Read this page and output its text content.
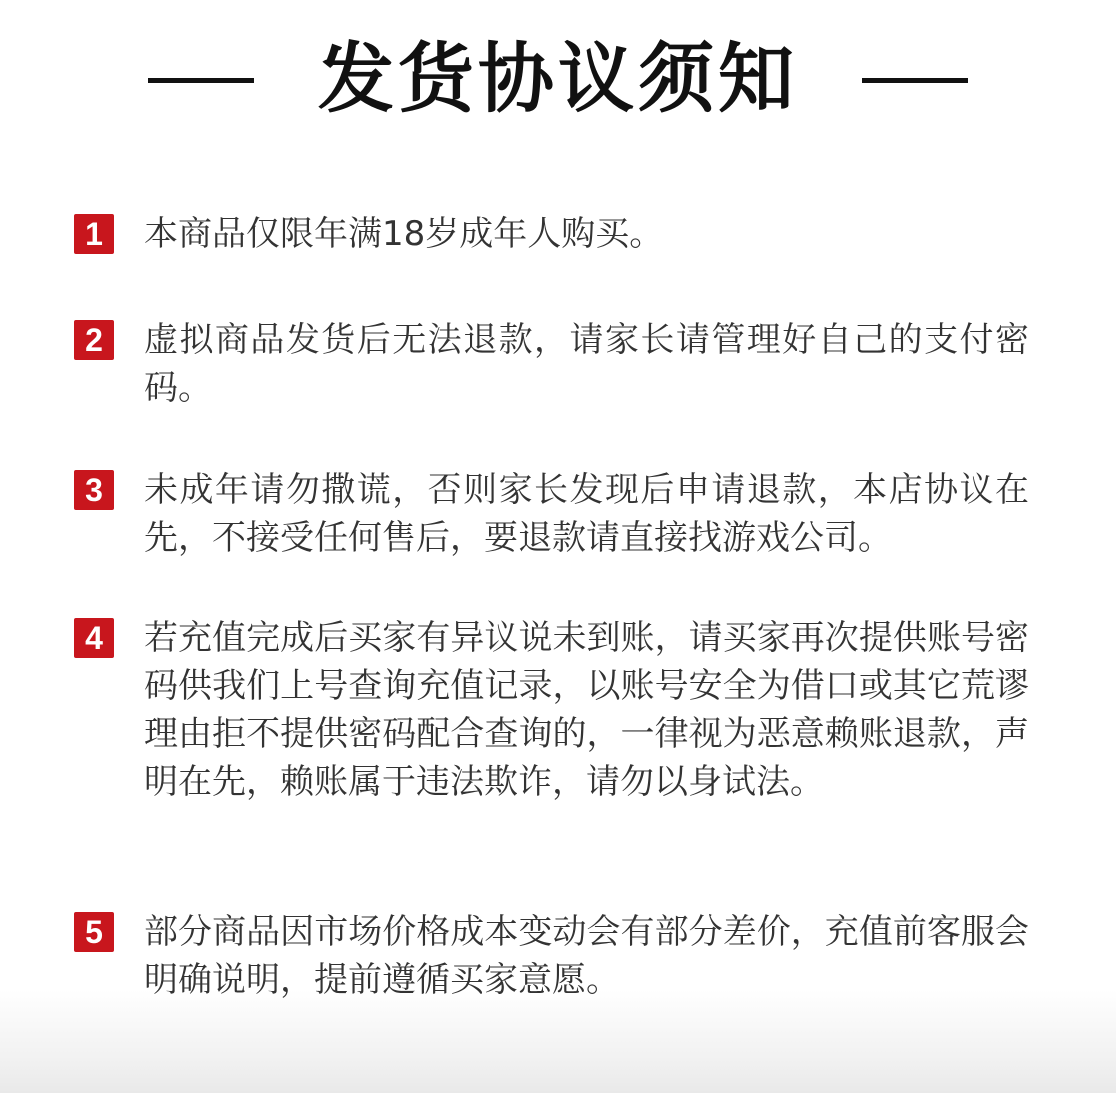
发货协议须知
1	本商品仅限年满18岁成年人购买。
2	虚拟商品发货后无法退款，请家长请管理好自己的支付密码。
3	未成年请勿撒谎，否则家长发现后申请退款，本店协议在先，不接受任何售后，要退款请直接找游戏公司。
4	若充值完成后买家有异议说未到账，请买家再次提供账号密码供我们上号查询充值记录，以账号安全为借口或其它荒谬理由拒不提供密码配合查询的，一律视为恶意赖账退款，声明在先，赖账属于违法欺诈，请勿以身试法。
5	部分商品因市场价格成本变动会有部分差价，充值前客服会明确说明，提前遵循买家意愿。
